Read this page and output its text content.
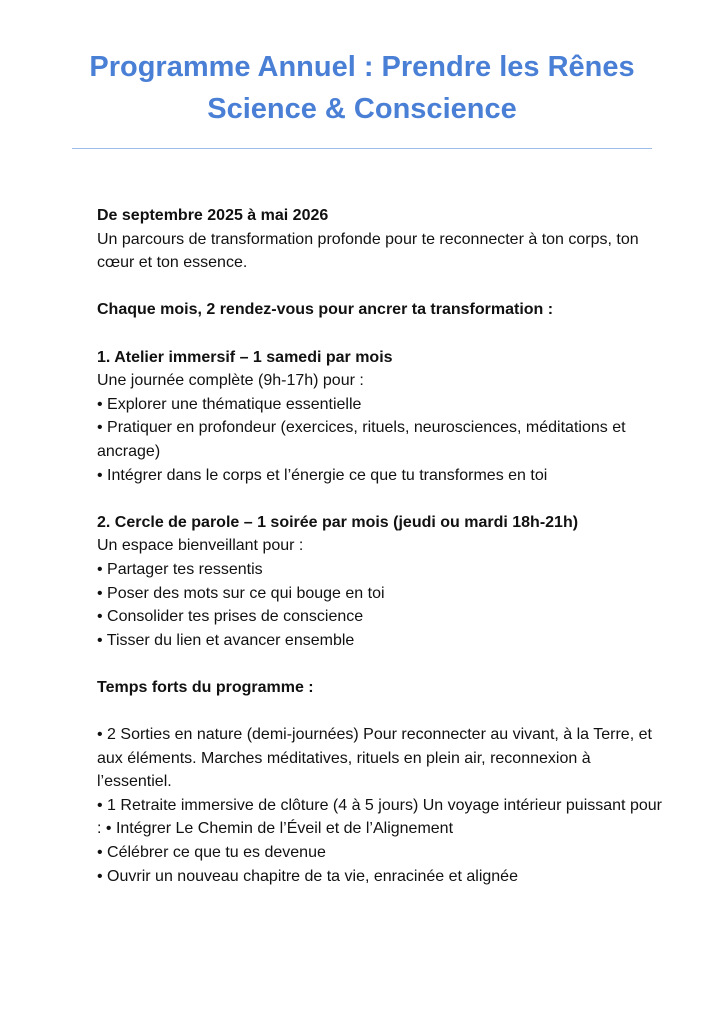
Programme Annuel : Prendre les Rênes
Science & Conscience

De septembre 2025 à mai 2026

Un parcours de transformation profonde pour te reconnecter à ton corps, ton cœur et ton essence.

Chaque mois, 2 rendez-vous pour ancrer ta transformation :

1. Atelier immersif – 1 samedi par mois

Une journée complète (9h-17h) pour :

• Explorer une thématique essentielle

• Pratiquer en profondeur (exercices, rituels, neurosciences, méditations et ancrage)

• Intégrer dans le corps et l’énergie ce que tu transformes en toi

2. Cercle de parole – 1 soirée par mois (jeudi ou mardi 18h-21h)

Un espace bienveillant pour :

• Partager tes ressentis

• Poser des mots sur ce qui bouge en toi

• Consolider tes prises de conscience

• Tisser du lien et avancer ensemble

Temps forts du programme :

• 2 Sorties en nature (demi-journées) Pour reconnecter au vivant, à la Terre, et aux éléments. Marches méditatives, rituels en plein air, reconnexion à l’essentiel.

• 1 Retraite immersive de clôture (4 à 5 jours) Un voyage intérieur puissant pour : • Intégrer Le Chemin de l’Éveil et de l’Alignement

• Célébrer ce que tu es devenue

• Ouvrir un nouveau chapitre de ta vie, enracinée et alignée
